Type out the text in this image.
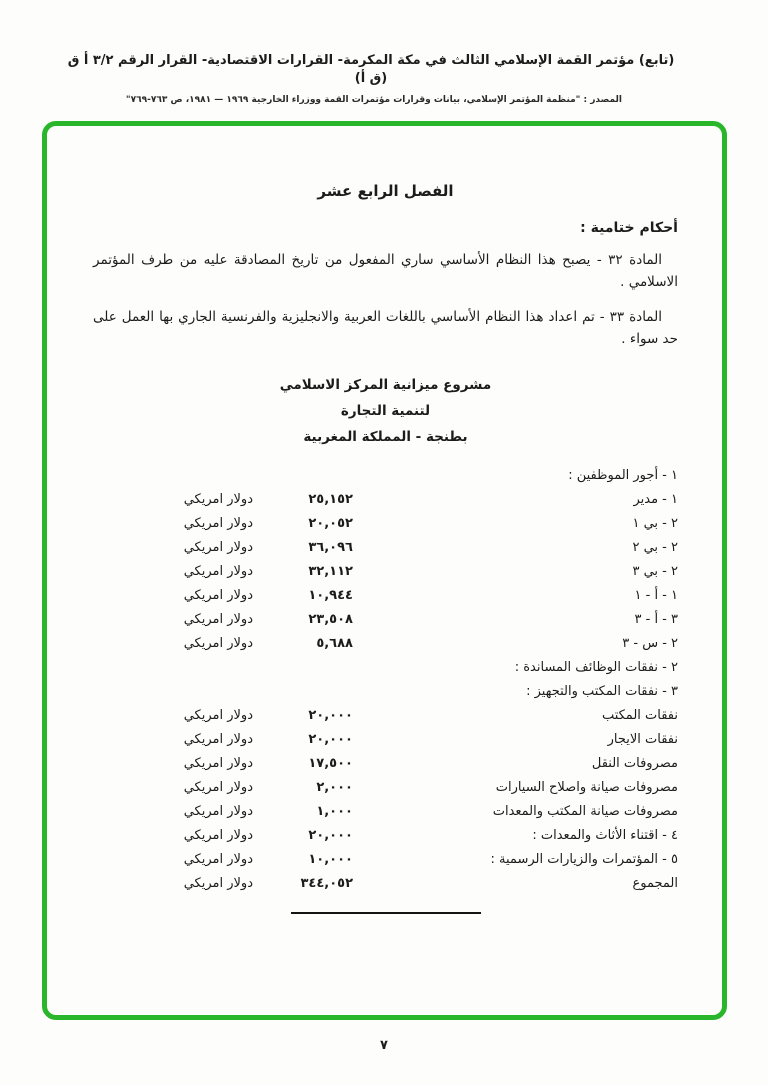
(تابع) مؤتمر القمة الإسلامي الثالث في مكة المكرمة- القرارات الاقتصادية- القرار الرقم ٣/٢ أ ق (ق أ)
المصدر : "منظمة المؤتمر الإسلامي، بيانات وقرارات مؤتمرات القمة ووزراء الخارجية ١٩٦٩ — ١٩٨١، ص ٧٦٣-٧٦٩"
الفصل الرابع عشر
أحكام ختامية :

المادة ٣٢ - يصبح هذا النظام الأساسي ساري المفعول من تاريخ المصادقة عليه من طرف المؤتمر الاسلامي .

المادة ٣٣ - تم اعداد هذا النظام الأساسي باللغات العربية والانجليزية والفرنسية الجاري بها العمل على حد سواء .

مشروع ميزانية المركز الاسلامي
لتنمية التجارة
بطنجة - المملكة المغربية
١ - أجور الموظفين :
١ - مدير
٢٥,١٥٢
دولار امريكي
٢ - بي ١
٢٠,٠٥٢
دولار امريكي
٢ - بي ٢
٣٦,٠٩٦
دولار امريكي
٢ - بي ٣
٣٢,١١٢
دولار امريكي
١ - أ - ١
١٠,٩٤٤
دولار امريكي
٣ - أ - ٣
٢٣,٥٠٨
دولار امريكي
٢ - س - ٣
٥,٦٨٨
دولار امريكي
٢ - نفقات الوظائف المساندة :
٣ - نفقات المكتب والتجهيز :
نفقات المكتب
٢٠,٠٠٠
دولار امريكي
نفقات الايجار
٢٠,٠٠٠
دولار امريكي
مصروفات النقل
١٧,٥٠٠
دولار امريكي
مصروفات صيانة واصلاح السيارات
٢,٠٠٠
دولار امريكي
مصروفات صيانة المكتب والمعدات
١,٠٠٠
دولار امريكي
٤ - اقتناء الأثاث والمعدات :
٢٠,٠٠٠
دولار امريكي
٥ - المؤتمرات والزيارات الرسمية :
١٠,٠٠٠
دولار امريكي
المجموع
٣٤٤,٠٥٢
دولار امريكي
٧
